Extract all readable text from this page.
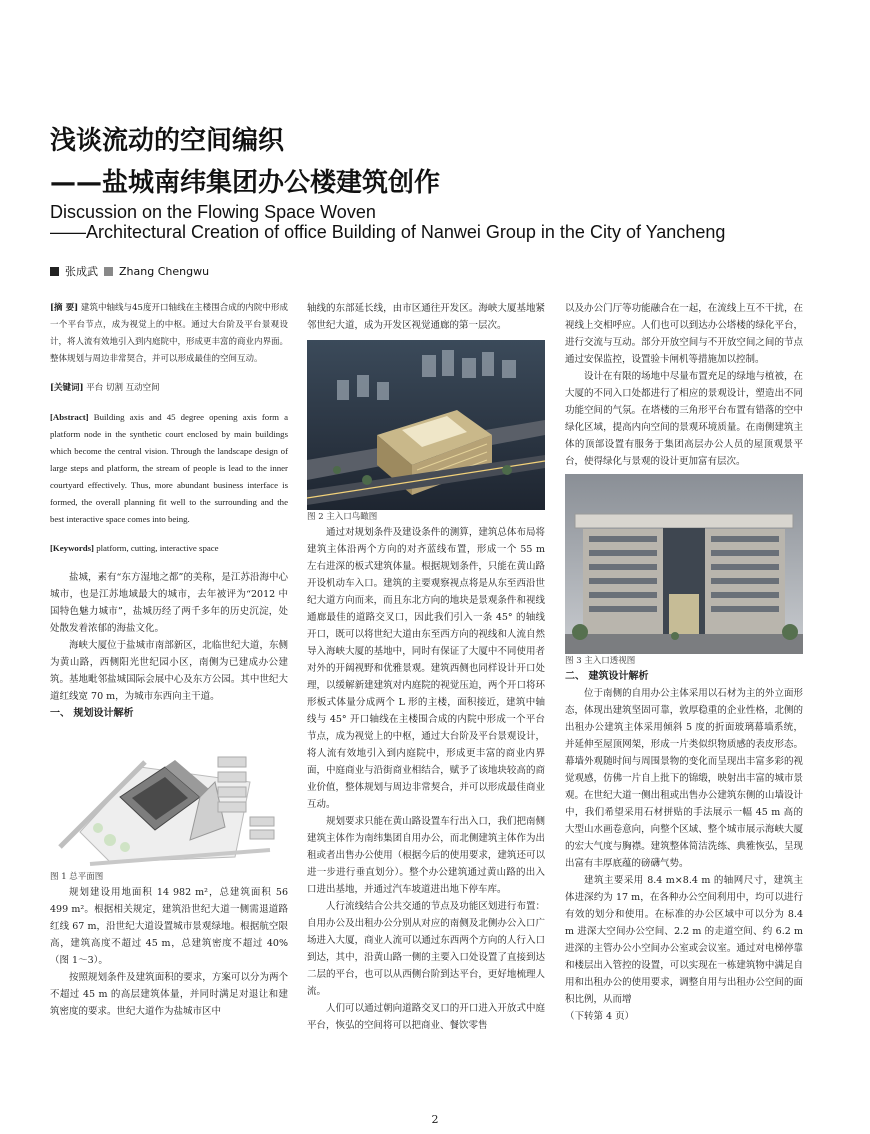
浅谈流动的空间编织
——盐城南纬集团办公楼建筑创作
Discussion on the Flowing Space Woven
——Architectural Creation of office Building of Nanwei Group in the City of Yancheng
张成武 Zhang Chengwu

[摘 要] 建筑中轴线与45度开口轴线在主楼围合成的内院中形成一个平台节点，成为视觉上的中枢。通过大台阶及平台景观设计，将人流有效地引入到内庭院中，形成更丰富的商业内界面。整体规划与周边非常契合，并可以形成最佳的空间互动。

[关键词] 平台 切割 互动空间

[Abstract] Building axis and 45 degree opening axis form a platform node in the synthetic court enclosed by main buildings which become the central vision. Through the landscape design of large steps and platform, the stream of people is lead to the inner courtyard effectively. Thus, more abundant business interface is formed, the overall planning fit well to the surrounding and the best interactive space comes into being.

[Keywords] platform, cutting, interactive space

盐城，素有“东方湿地之都”的美称，是江苏沿海中心城市，也是江苏地域最大的城市，去年被评为“2012 中国特色魅力城市”，盐城历经了两千多年的历史沉淀，处处散发着浓郁的海盐文化。

海峡大厦位于盐城市南部新区，北临世纪大道，东侧为黄山路，西侧阳光世纪园小区，南侧为已建成办公建筑。基地毗邻盐城国际会展中心及东方公园。其中世纪大道红线宽 70 m，为城市东西向主干道。

一、 规划设计解析

图 1 总平面图

规划建设用地面积 14 982 m²，总建筑面积 56 499 m²。根据相关规定，建筑沿世纪大道一侧需退道路红线 67 m，沿世纪大道设置城市景观绿地。根据航空限高，建筑高度不超过 45 m，总建筑密度不超过 40%（图 1～3）。

按照规划条件及建筑面积的要求，方案可以分为两个不超过 45 m 的高层建筑体量，并同时满足对退让和建筑密度的要求。世纪大道作为盐城市区中

轴线的东部延长线，由市区通往开发区。海峡大厦基地紧邻世纪大道，成为开发区视觉通廊的第一层次。

图 2 主入口鸟瞰图

通过对规划条件及建设条件的测算，建筑总体布局将建筑主体沿两个方向的对齐蓝线布置，形成一个 55 m 左右进深的板式建筑体量。根据规划条件，只能在黄山路开设机动车入口。建筑的主要观察视点将是从东至西沿世纪大道方向而来，而且东北方向的地块是景观条件和视线通廊最佳的道路交叉口，因此我们引入一条 45° 的轴线开口，既可以将世纪大道由东至西方向的视线和人流自然导入海峡大厦的基地中，同时有保证了大厦中不同使用者对外的开阔视野和优雅景观。建筑西侧也同样设计开口处理，以缓解新建建筑对内庭院的视觉压迫，两个开口将环形板式体量分成两个 L 形的主楼，面积接近，建筑中轴线与 45° 开口轴线在主楼围合成的内院中形成一个平台节点，成为视觉上的中枢，通过大台阶及平台景观设计，将人流有效地引入到内庭院中，形成更丰富的商业内界面，中庭商业与沿街商业相结合，赋予了该地块较高的商业价值，整体规划与周边非常契合，并可以形成最佳商业互动。

规划要求只能在黄山路设置车行出入口，我们把南侧建筑主体作为南纬集团自用办公，而北侧建筑主体作为出租或者出售办公使用（根据今后的使用要求，建筑还可以进一步进行垂直划分）。整个办公建筑通过黄山路的出入口进出基地，并通过汽车坡道进出地下停车库。

人行流线结合公共交通的节点及功能区划进行布置：自用办公及出租办公分别从对应的南侧及北侧办公入口广场进入大厦，商业人流可以通过东西两个方向的人行入口到达，其中，沿黄山路一侧的主要入口处设置了直接到达二层的平台，也可以从西侧台阶到达平台，更好地梳理人流。

人们可以通过朝向道路交叉口的开口进入开放式中庭平台，恢弘的空间将可以把商业、餐饮零售

以及办公门厅等功能融合在一起，在流线上互不干扰，在视线上交相呼应。人们也可以到达办公塔楼的绿化平台，进行交流与互动。部分开放空间与不开放空间之间的节点通过安保监控，设置验卡闸机等措施加以控制。

设计在有限的场地中尽量布置充足的绿地与植被，在大厦的不同入口处都进行了相应的景观设计，塑造出不同功能空间的气氛。在塔楼的三角形平台布置有错落的空中绿化区域，提高内向空间的景观环境质量。在南侧建筑主体的顶部设置有服务于集团高层办公人员的屋顶观景平台，使得绿化与景观的设计更加富有层次。

图 3 主入口透视图

二、 建筑设计解析

位于南侧的自用办公主体采用以石材为主的外立面形态，体现出建筑坚固可靠，敦厚稳重的企业性格，北侧的出租办公建筑主体采用倾斜 5 度的折面玻璃幕墙系统，并延伸至屋顶网架，形成一片类似织物质感的表皮形态。幕墙外观随时间与周围景物的变化而呈现出丰富多彩的视觉观感，仿佛一片自上批下的锦缎，映射出丰富的城市景观。在世纪大道一侧出租或出售办公建筑东侧的山墙设计中，我们希望采用石材拼贴的手法展示一幅 45 m 高的大型山水画卷意向，向整个区域、整个城市展示海峡大厦的宏大气度与胸襟。建筑整体简洁洗练、典雅恢弘，呈现出富有丰厚底蕴的磅礴气势。

建筑主要采用 8.4 m×8.4 m 的轴网尺寸，建筑主体进深约为 17 m，在各种办公空间利用中，均可以进行有效的划分和使用。在标准的办公区域中可以分为 8.4 m 进深大空间办公空间、2.2 m 的走道空间、约 6.2 m 进深的主管办公小空间办公室或会议室。通过对电梯停靠和楼层出入管控的设置，可以实现在一栋建筑物中满足自用和出租办公的使用要求，调整自用与出租办公空间的面积比例，从而增

（下转第 4 页）

2
